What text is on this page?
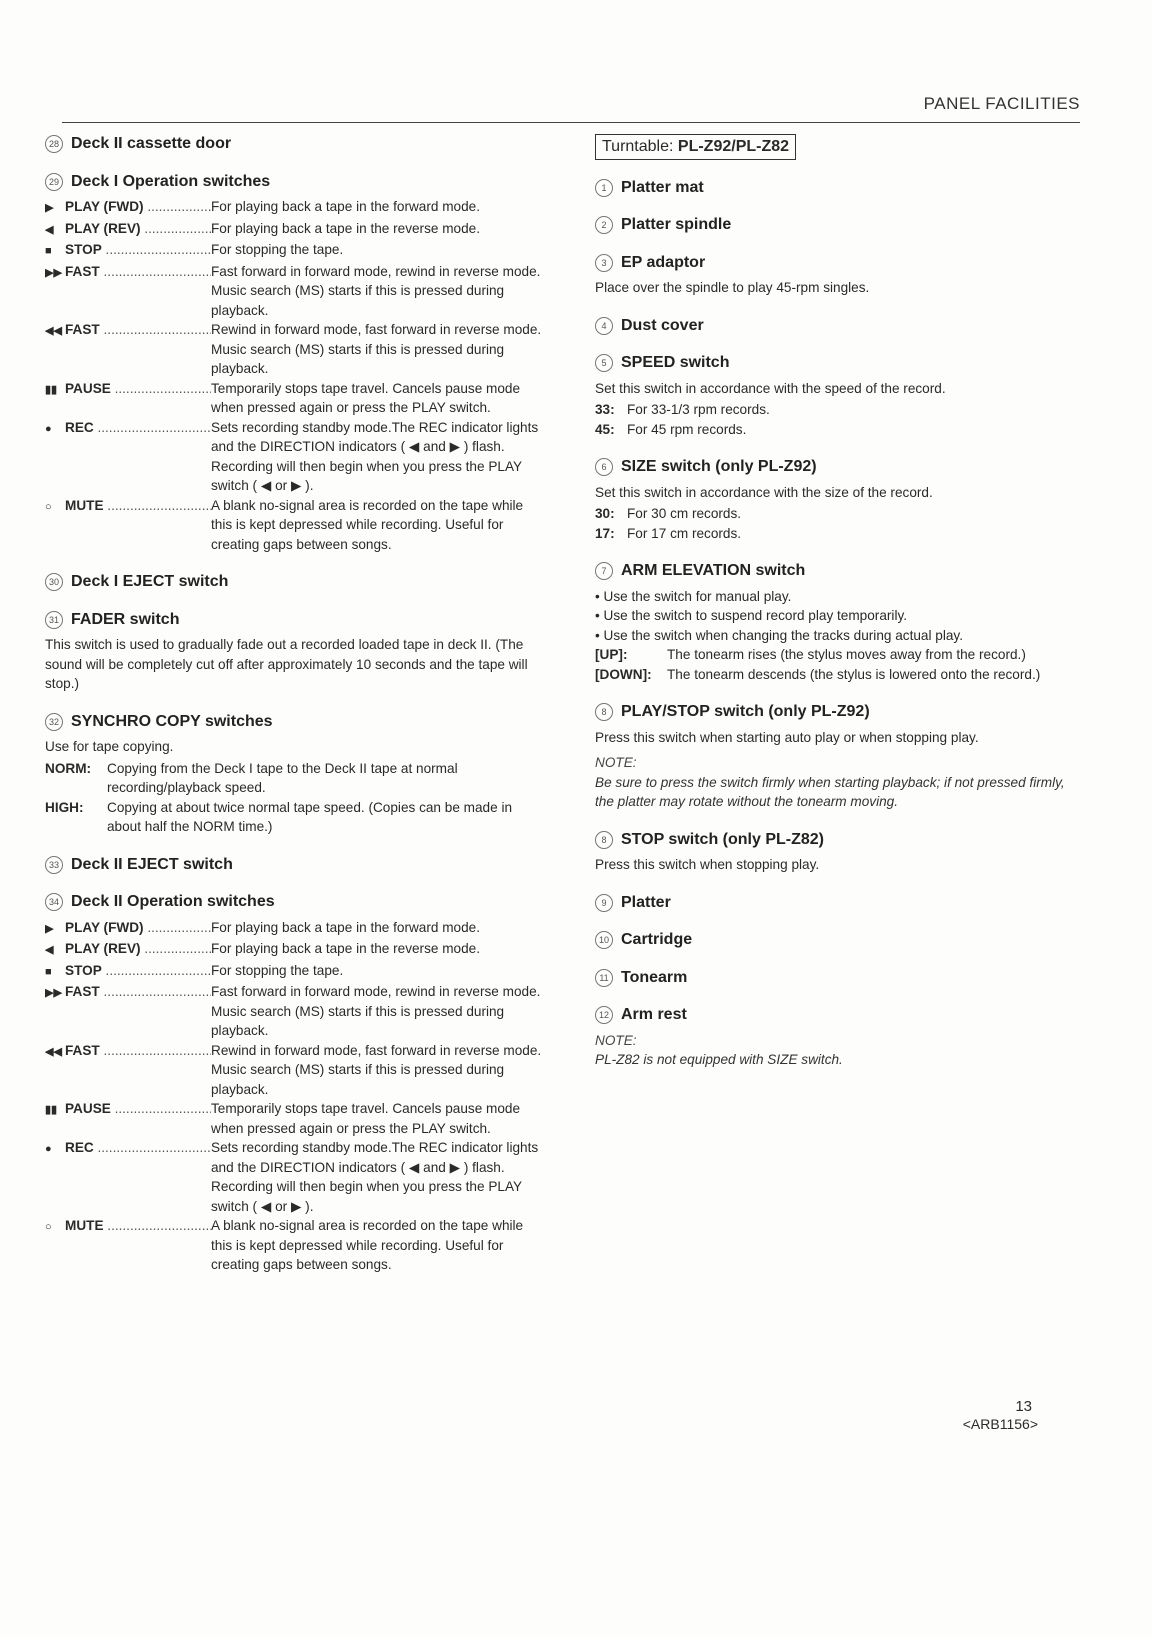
PANEL FACILITIES
28 Deck II cassette door
29 Deck I Operation switches
▶ PLAY (FWD) .....	For playing back a tape in the forward mode.
◀ PLAY (REV) .....	For playing back a tape in the reverse mode.
■ STOP .....	For stopping the tape.
▶▶ FAST .....	Fast forward in forward mode, rewind in reverse mode.
Music search (MS) starts if this is pressed during playback.
◀◀ FAST .....	Rewind in forward mode, fast forward in reverse mode.
Music search (MS) starts if this is pressed during playback.
▮▮ PAUSE .....	Temporarily stops tape travel. Cancels pause mode when pressed again or press the PLAY switch.
● REC .....	Sets recording standby mode.The REC indicator lights and the DIRECTION indicators ( ◀ and ▶ ) flash. Recording will then begin when you press the PLAY switch ( ◀ or ▶ ).
○ MUTE .....	A blank no-signal area is recorded on the tape while this is kept depressed while recording. Useful for creating gaps between songs.
30 Deck I EJECT switch
31 FADER switch
This switch is used to gradually fade out a recorded loaded tape in deck II. (The sound will be completely cut off after approximately 10 seconds and the tape will stop.)
32 SYNCHRO COPY switches
Use for tape copying.
NORM:	Copying from the Deck I tape to the Deck II tape at normal recording/playback speed.
HIGH:	Copying at about twice normal tape speed. (Copies can be made in about half the NORM time.)
33 Deck II EJECT switch
34 Deck II Operation switches
▶ PLAY (FWD) .....	For playing back a tape in the forward mode.
◀ PLAY (REV) .....	For playing back a tape in the reverse mode.
■ STOP .....	For stopping the tape.
▶▶ FAST .....	Fast forward in forward mode, rewind in reverse mode.
Music search (MS) starts if this is pressed during playback.
◀◀ FAST .....	Rewind in forward mode, fast forward in reverse mode.
Music search (MS) starts if this is pressed during playback.
▮▮ PAUSE .....	Temporarily stops tape travel. Cancels pause mode when pressed again or press the PLAY switch.
● REC .....	Sets recording standby mode.The REC indicator lights and the DIRECTION indicators ( ◀ and ▶ ) flash. Recording will then begin when you press the PLAY switch ( ◀ or ▶ ).
○ MUTE .....	A blank no-signal area is recorded on the tape while this is kept depressed while recording. Useful for creating gaps between songs.
Turntable: PL-Z92/PL-Z82
1 Platter mat
2 Platter spindle
3 EP adaptor
Place over the spindle to play 45-rpm singles.
4 Dust cover
5 SPEED switch
Set this switch in accordance with the speed of the record.
33: For 33-1/3 rpm records.
45: For 45 rpm records.
6 SIZE switch (only PL-Z92)
Set this switch in accordance with the size of the record.
30: For 30 cm records.
17: For 17 cm records.
7 ARM ELEVATION switch
• Use the switch for manual play.
• Use the switch to suspend record play temporarily.
• Use the switch when changing the tracks during actual play.
[UP]:	The tonearm rises (the stylus moves away from the record.)
[DOWN]:	The tonearm descends (the stylus is lowered onto the record.)
8 PLAY/STOP switch (only PL-Z92)
Press this switch when starting auto play or when stopping play.
NOTE:
Be sure to press the switch firmly when starting playback; if not pressed firmly, the platter may rotate without the tonearm moving.
8 STOP switch (only PL-Z82)
Press this switch when stopping play.
9 Platter
10 Cartridge
11 Tonearm
12 Arm rest
NOTE:
PL-Z82 is not equipped with SIZE switch.
13
<ARB1156>
